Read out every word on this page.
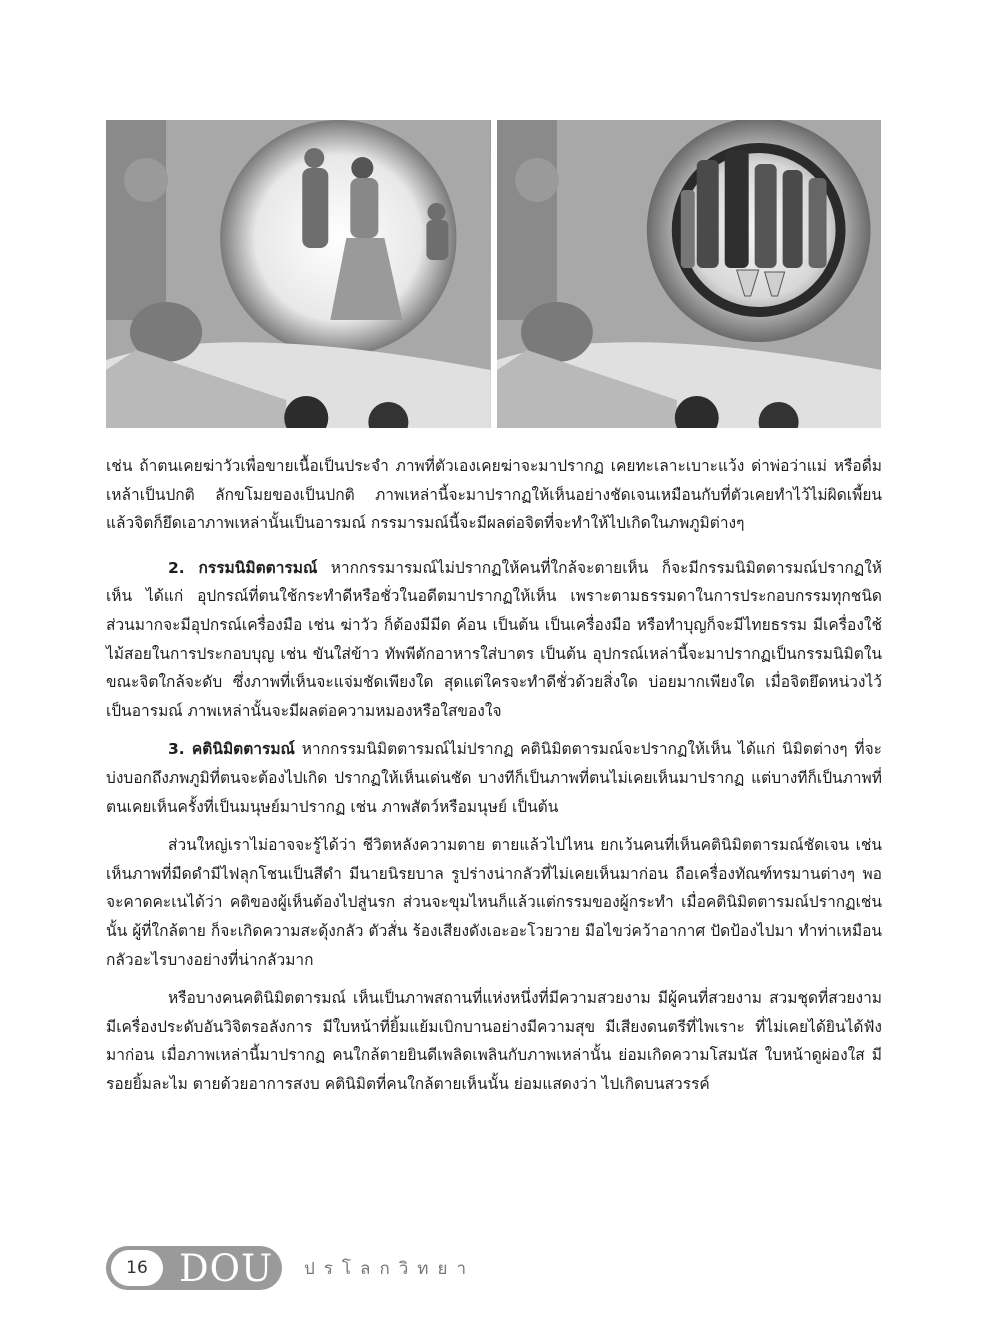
เช่น ถ้าตนเคยฆ่าวัวเพื่อขายเนื้อเป็นประจำ ภาพที่ตัวเองเคยฆ่าจะมาปรากฏ เคยทะเลาะเบาะแว้ง ด่าพ่อว่าแม่ หรือดื่มเหล้าเป็นปกติ ลักขโมยของเป็นปกติ ภาพเหล่านี้จะมาปรากฏให้เห็นอย่างชัดเจนเหมือนกับที่ตัวเคยทำไว้ไม่ผิดเพี้ยน แล้วจิตก็ยึดเอาภาพเหล่านั้นเป็นอารมณ์ กรรมารมณ์นี้จะมีผลต่อจิตที่จะทำให้ไปเกิดในภพภูมิต่างๆ

2. กรรมนิมิตตารมณ์ หากกรรมารมณ์ไม่ปรากฏให้คนที่ใกล้จะตายเห็น ก็จะมีกรรมนิมิตตารมณ์ปรากฏให้เห็น ได้แก่ อุปกรณ์ที่ตนใช้กระทำดีหรือชั่วในอดีตมาปรากฏให้เห็น เพราะตามธรรมดาในการประกอบกรรมทุกชนิด ส่วนมากจะมีอุปกรณ์เครื่องมือ เช่น ฆ่าวัว ก็ต้องมีมีด ค้อน เป็นต้น เป็นเครื่องมือ หรือทำบุญก็จะมีไทยธรรม มีเครื่องใช้ไม้สอยในการประกอบบุญ เช่น ขันใส่ข้าว ทัพพีตักอาหารใส่บาตร เป็นต้น อุปกรณ์เหล่านี้จะมาปรากฏเป็นกรรมนิมิตในขณะจิตใกล้จะดับ ซึ่งภาพที่เห็นจะแจ่มชัดเพียงใด สุดแต่ใครจะทำดีชั่วด้วยสิ่งใด บ่อยมากเพียงใด เมื่อจิตยึดหน่วงไว้เป็นอารมณ์ ภาพเหล่านั้นจะมีผลต่อความหมองหรือใสของใจ

3. คตินิมิตตารมณ์ หากกรรมนิมิตตารมณ์ไม่ปรากฏ คตินิมิตตารมณ์จะปรากฏให้เห็น ได้แก่ นิมิตต่างๆ ที่จะบ่งบอกถึงภพภูมิที่ตนจะต้องไปเกิด ปรากฏให้เห็นเด่นชัด บางทีก็เป็นภาพที่ตนไม่เคยเห็นมาปรากฏ แต่บางทีก็เป็นภาพที่ตนเคยเห็นครั้งที่เป็นมนุษย์มาปรากฏ เช่น ภาพสัตว์หรือมนุษย์ เป็นต้น

ส่วนใหญ่เราไม่อาจจะรู้ได้ว่า ชีวิตหลังความตาย ตายแล้วไปไหน ยกเว้นคนที่เห็นคตินิมิตตารมณ์ชัดเจน เช่น เห็นภาพที่มืดดำมีไฟลุกโชนเป็นสีดำ มีนายนิรยบาล รูปร่างน่ากลัวที่ไม่เคยเห็นมาก่อน ถือเครื่องทัณฑ์ทรมานต่างๆ พอจะคาดคะเนได้ว่า คติของผู้เห็นต้องไปสู่นรก ส่วนจะขุมไหนก็แล้วแต่กรรมของผู้กระทำ เมื่อคตินิมิตตารมณ์ปรากฏเช่นนั้น ผู้ที่ใกล้ตาย ก็จะเกิดความสะดุ้งกลัว ตัวสั่น ร้องเสียงดังเอะอะโวยวาย มือไขว่คว้าอากาศ ปัดป้องไปมา ทำท่าเหมือนกลัวอะไรบางอย่างที่น่ากลัวมาก

หรือบางคนคตินิมิตตารมณ์ เห็นเป็นภาพสถานที่แห่งหนึ่งที่มีความสวยงาม มีผู้คนที่สวยงาม สวมชุดที่สวยงาม มีเครื่องประดับอันวิจิตรอลังการ มีใบหน้าที่ยิ้มแย้มเบิกบานอย่างมีความสุข มีเสียงดนตรีที่ไพเราะ ที่ไม่เคยได้ยินได้ฟังมาก่อน เมื่อภาพเหล่านี้มาปรากฏ คนใกล้ตายยินดีเพลิดเพลินกับภาพเหล่านั้น ย่อมเกิดความโสมนัส ใบหน้าดูผ่องใส มีรอยยิ้มละไม ตายด้วยอาการสงบ คตินิมิตที่คนใกล้ตายเห็นนั้น ย่อมแสดงว่า ไปเกิดบนสวรรค์

16 DOU ปรโลกวิทยา
